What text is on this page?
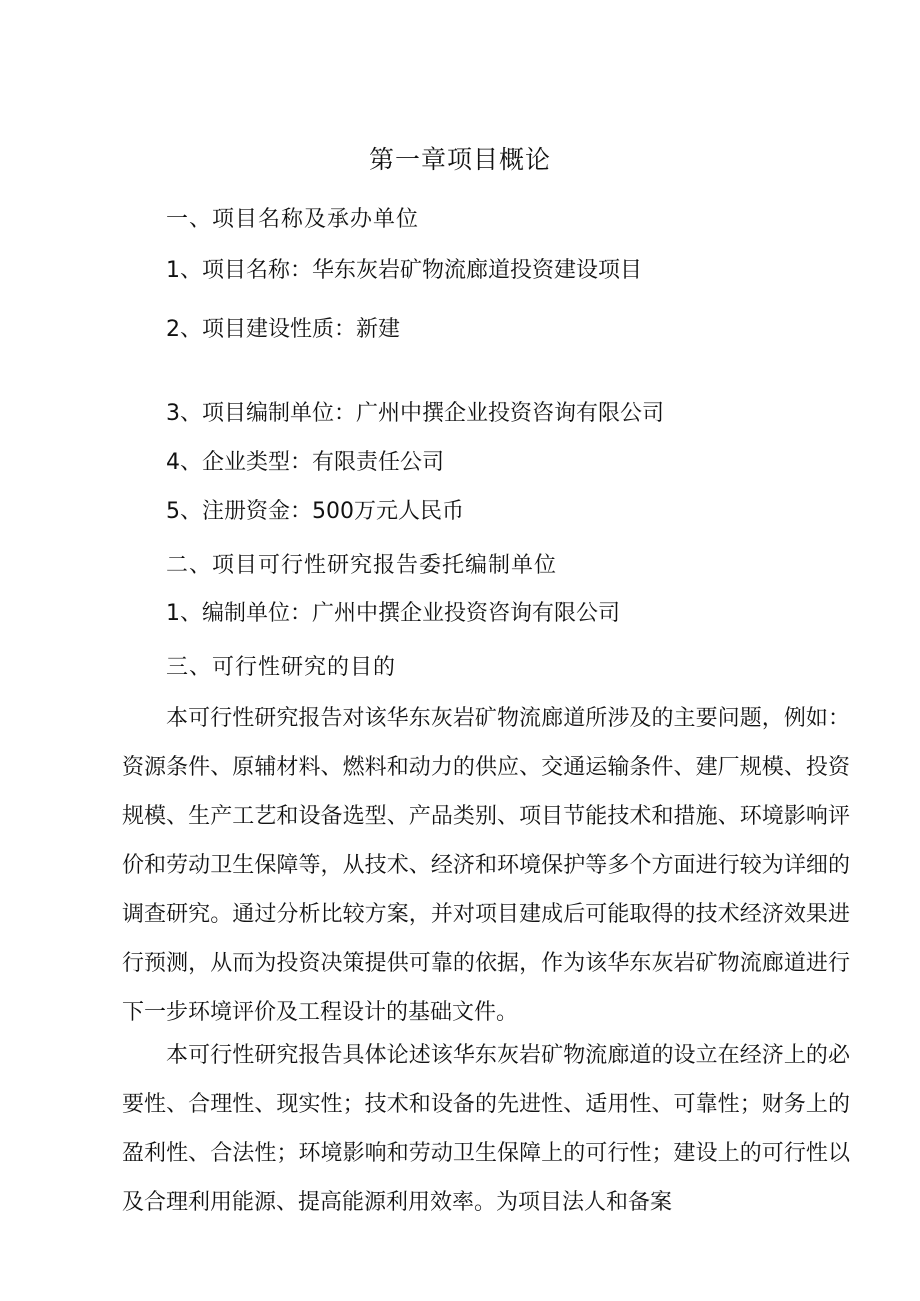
第一章项目概论
一、项目名称及承办单位
1、项目名称：华东灰岩矿物流廊道投资建设项目
2、项目建设性质：新建
3、项目编制单位：广州中撰企业投资咨询有限公司
4、企业类型：有限责任公司
5、注册资金：500万元人民币
二、项目可行性研究报告委托编制单位
1、编制单位：广州中撰企业投资咨询有限公司
三、可行性研究的目的

本可行性研究报告对该华东灰岩矿物流廊道所涉及的主要问题，例如：资源条件、原辅材料、燃料和动力的供应、交通运输条件、建厂规模、投资规模、生产工艺和设备选型、产品类别、项目节能技术和措施、环境影响评价和劳动卫生保障等，从技术、经济和环境保护等多个方面进行较为详细的调查研究。通过分析比较方案，并对项目建成后可能取得的技术经济效果进行预测，从而为投资决策提供可靠的依据，作为该华东灰岩矿物流廊道进行下一步环境评价及工程设计的基础文件。

本可行性研究报告具体论述该华东灰岩矿物流廊道的设立在经济上的必要性、合理性、现实性；技术和设备的先进性、适用性、可靠性；财务上的盈利性、合法性；环境影响和劳动卫生保障上的可行性；建设上的可行性以及合理利用能源、提高能源利用效率。为项目法人和备案
